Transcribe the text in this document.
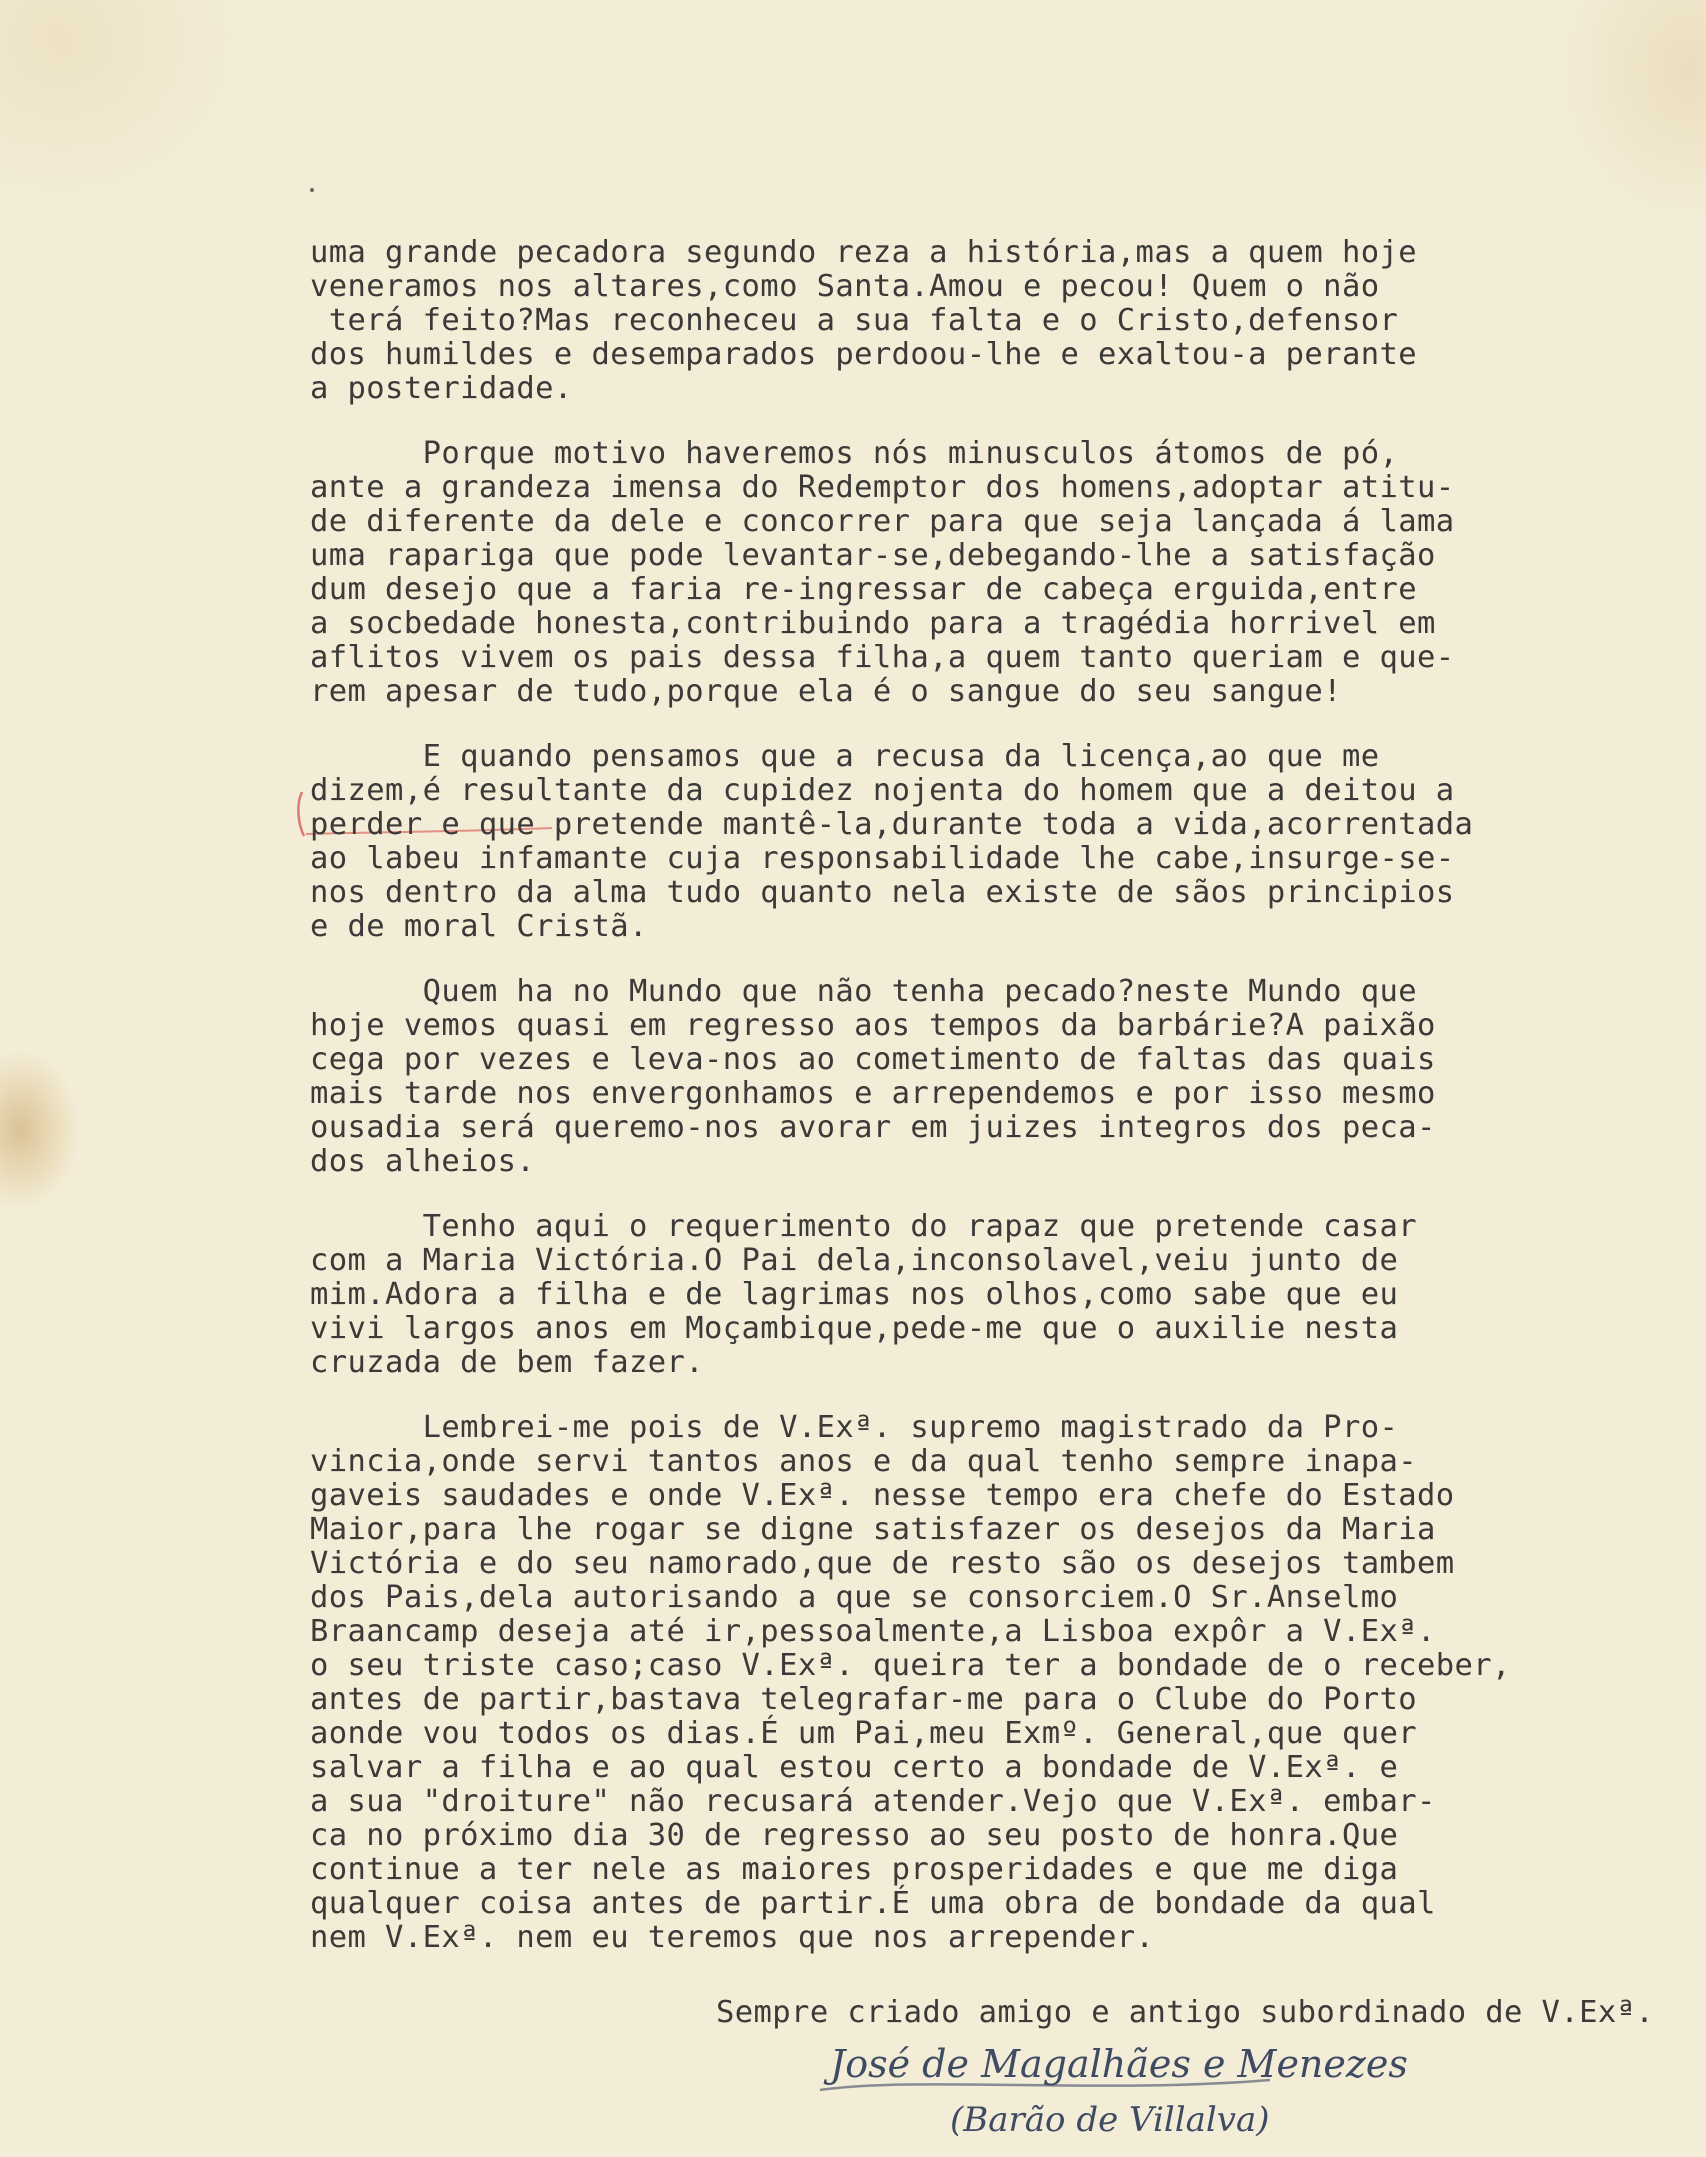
uma grande pecadora segundo reza a história,mas a quem hoje
veneramos nos altares,como Santa.Amou e pecou! Quem o não
terá feito?Mas reconheceu a sua falta e o Cristo,defensor
dos humildes e desemparados perdoou-lhe e exaltou-a perante
a posteridade.
Porque motivo haveremos nós minusculos átomos de pó,
ante a grandeza imensa do Redemptor dos homens,adoptar atitu-
de diferente da dele e concorrer para que seja lançada á lama
uma rapariga que pode levantar-se,debegando-lhe a satisfação
dum desejo que a faria re-ingressar de cabeça erguida,entre
a socbedade honesta,contribuindo para a tragédia horrivel em
aflitos vivem os pais dessa filha,a quem tanto queriam e que-
rem apesar de tudo,porque ela é o sangue do seu sangue!
E quando pensamos que a recusa da licença,ao que me
dizem,é resultante da cupidez nojenta do homem que a deitou a
perder e que pretende mantê-la,durante toda a vida,acorrentada
ao labeu infamante cuja responsabilidade lhe cabe,insurge-se-
nos dentro da alma tudo quanto nela existe de sãos principios
e de moral Cristã.
Quem ha no Mundo que não tenha pecado?neste Mundo que
hoje vemos quasi em regresso aos tempos da barbárie?A paixão
cega por vezes e leva-nos ao cometimento de faltas das quais
mais tarde nos envergonhamos e arrependemos e por isso mesmo
ousadia será queremo-nos avorar em juizes integros dos peca-
dos alheios.
Tenho aqui o requerimento do rapaz que pretende casar
com a Maria Victória.O Pai dela,inconsolavel,veiu junto de
mim.Adora a filha e de lagrimas nos olhos,como sabe que eu
vivi largos anos em Moçambique,pede-me que o auxilie nesta
cruzada de bem fazer.
Lembrei-me pois de V.Exª. supremo magistrado da Pro-
vincia,onde servi tantos anos e da qual tenho sempre inapa-
gaveis saudades e onde V.Exª. nesse tempo era chefe do Estado
Maior,para lhe rogar se digne satisfazer os desejos da Maria
Victória e do seu namorado,que de resto são os desejos tambem
dos Pais,dela autorisando a que se consorciem.O Sr.Anselmo
Braancamp deseja até ir,pessoalmente,a Lisboa expôr a V.Exª.
o seu triste caso;caso V.Exª. queira ter a bondade de o receber,
antes de partir,bastava telegrafar-me para o Clube do Porto
aonde vou todos os dias.É um Pai,meu Exmº. General,que quer
salvar a filha e ao qual estou certo a bondade de V.Exª. e
a sua "droiture" não recusará atender.Vejo que V.Exª. embar-
ca no próximo dia 30 de regresso ao seu posto de honra.Que
continue a ter nele as maiores prosperidades e que me diga
qualquer coisa antes de partir.É uma obra de bondade da qual
nem V.Exª. nem eu teremos que nos arrepender.
Sempre criado amigo e antigo subordinado de V.Exª.
José de Magalhães e Menezes
(Barão de Villalva)
